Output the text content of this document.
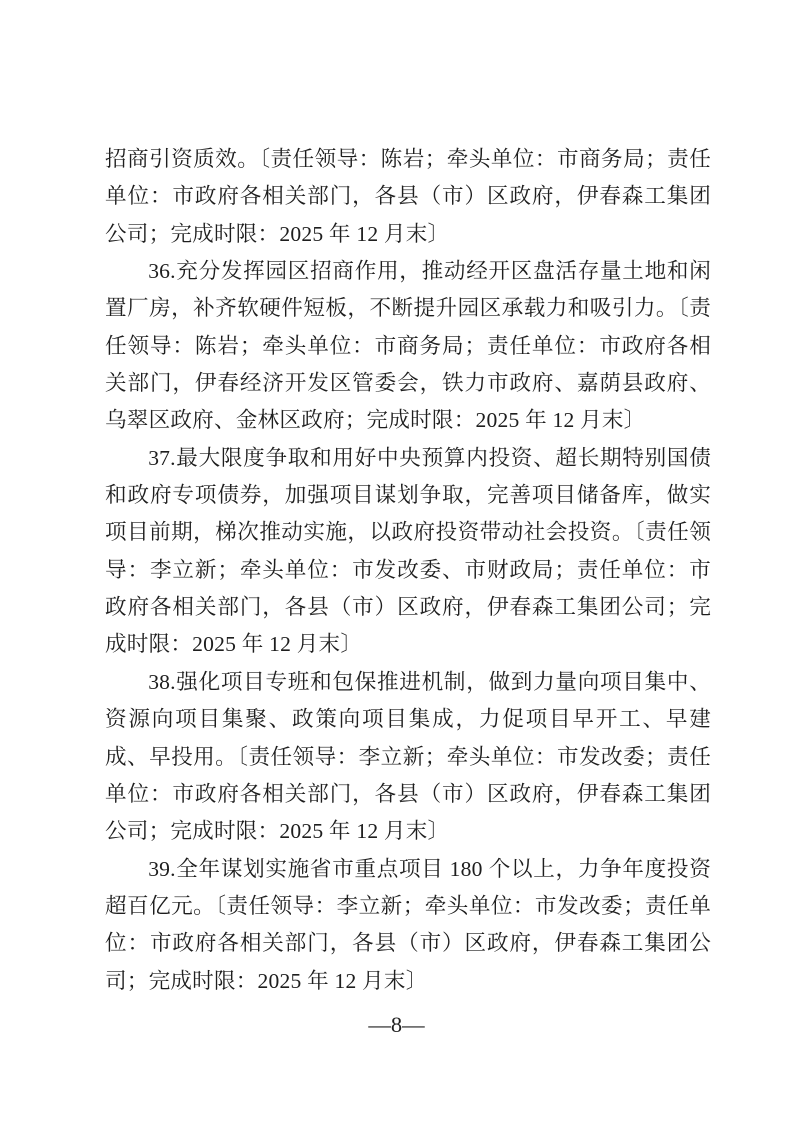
招商引资质效。〔责任领导：陈岩；牵头单位：市商务局；责任单位：市政府各相关部门，各县（市）区政府，伊春森工集团公司；完成时限：2025 年 12 月末〕

36.充分发挥园区招商作用，推动经开区盘活存量土地和闲置厂房，补齐软硬件短板，不断提升园区承载力和吸引力。〔责任领导：陈岩；牵头单位：市商务局；责任单位：市政府各相关部门，伊春经济开发区管委会，铁力市政府、嘉荫县政府、乌翠区政府、金林区政府；完成时限：2025 年 12 月末〕

37.最大限度争取和用好中央预算内投资、超长期特别国债和政府专项债券，加强项目谋划争取，完善项目储备库，做实项目前期，梯次推动实施，以政府投资带动社会投资。〔责任领导：李立新；牵头单位：市发改委、市财政局；责任单位：市政府各相关部门，各县（市）区政府，伊春森工集团公司；完成时限：2025 年 12 月末〕

38.强化项目专班和包保推进机制，做到力量向项目集中、资源向项目集聚、政策向项目集成，力促项目早开工、早建成、早投用。〔责任领导：李立新；牵头单位：市发改委；责任单位：市政府各相关部门，各县（市）区政府，伊春森工集团公司；完成时限：2025 年 12 月末〕

39.全年谋划实施省市重点项目 180 个以上，力争年度投资超百亿元。〔责任领导：李立新；牵头单位：市发改委；责任单位：市政府各相关部门，各县（市）区政府，伊春森工集团公司；完成时限：2025 年 12 月末〕

—8—
